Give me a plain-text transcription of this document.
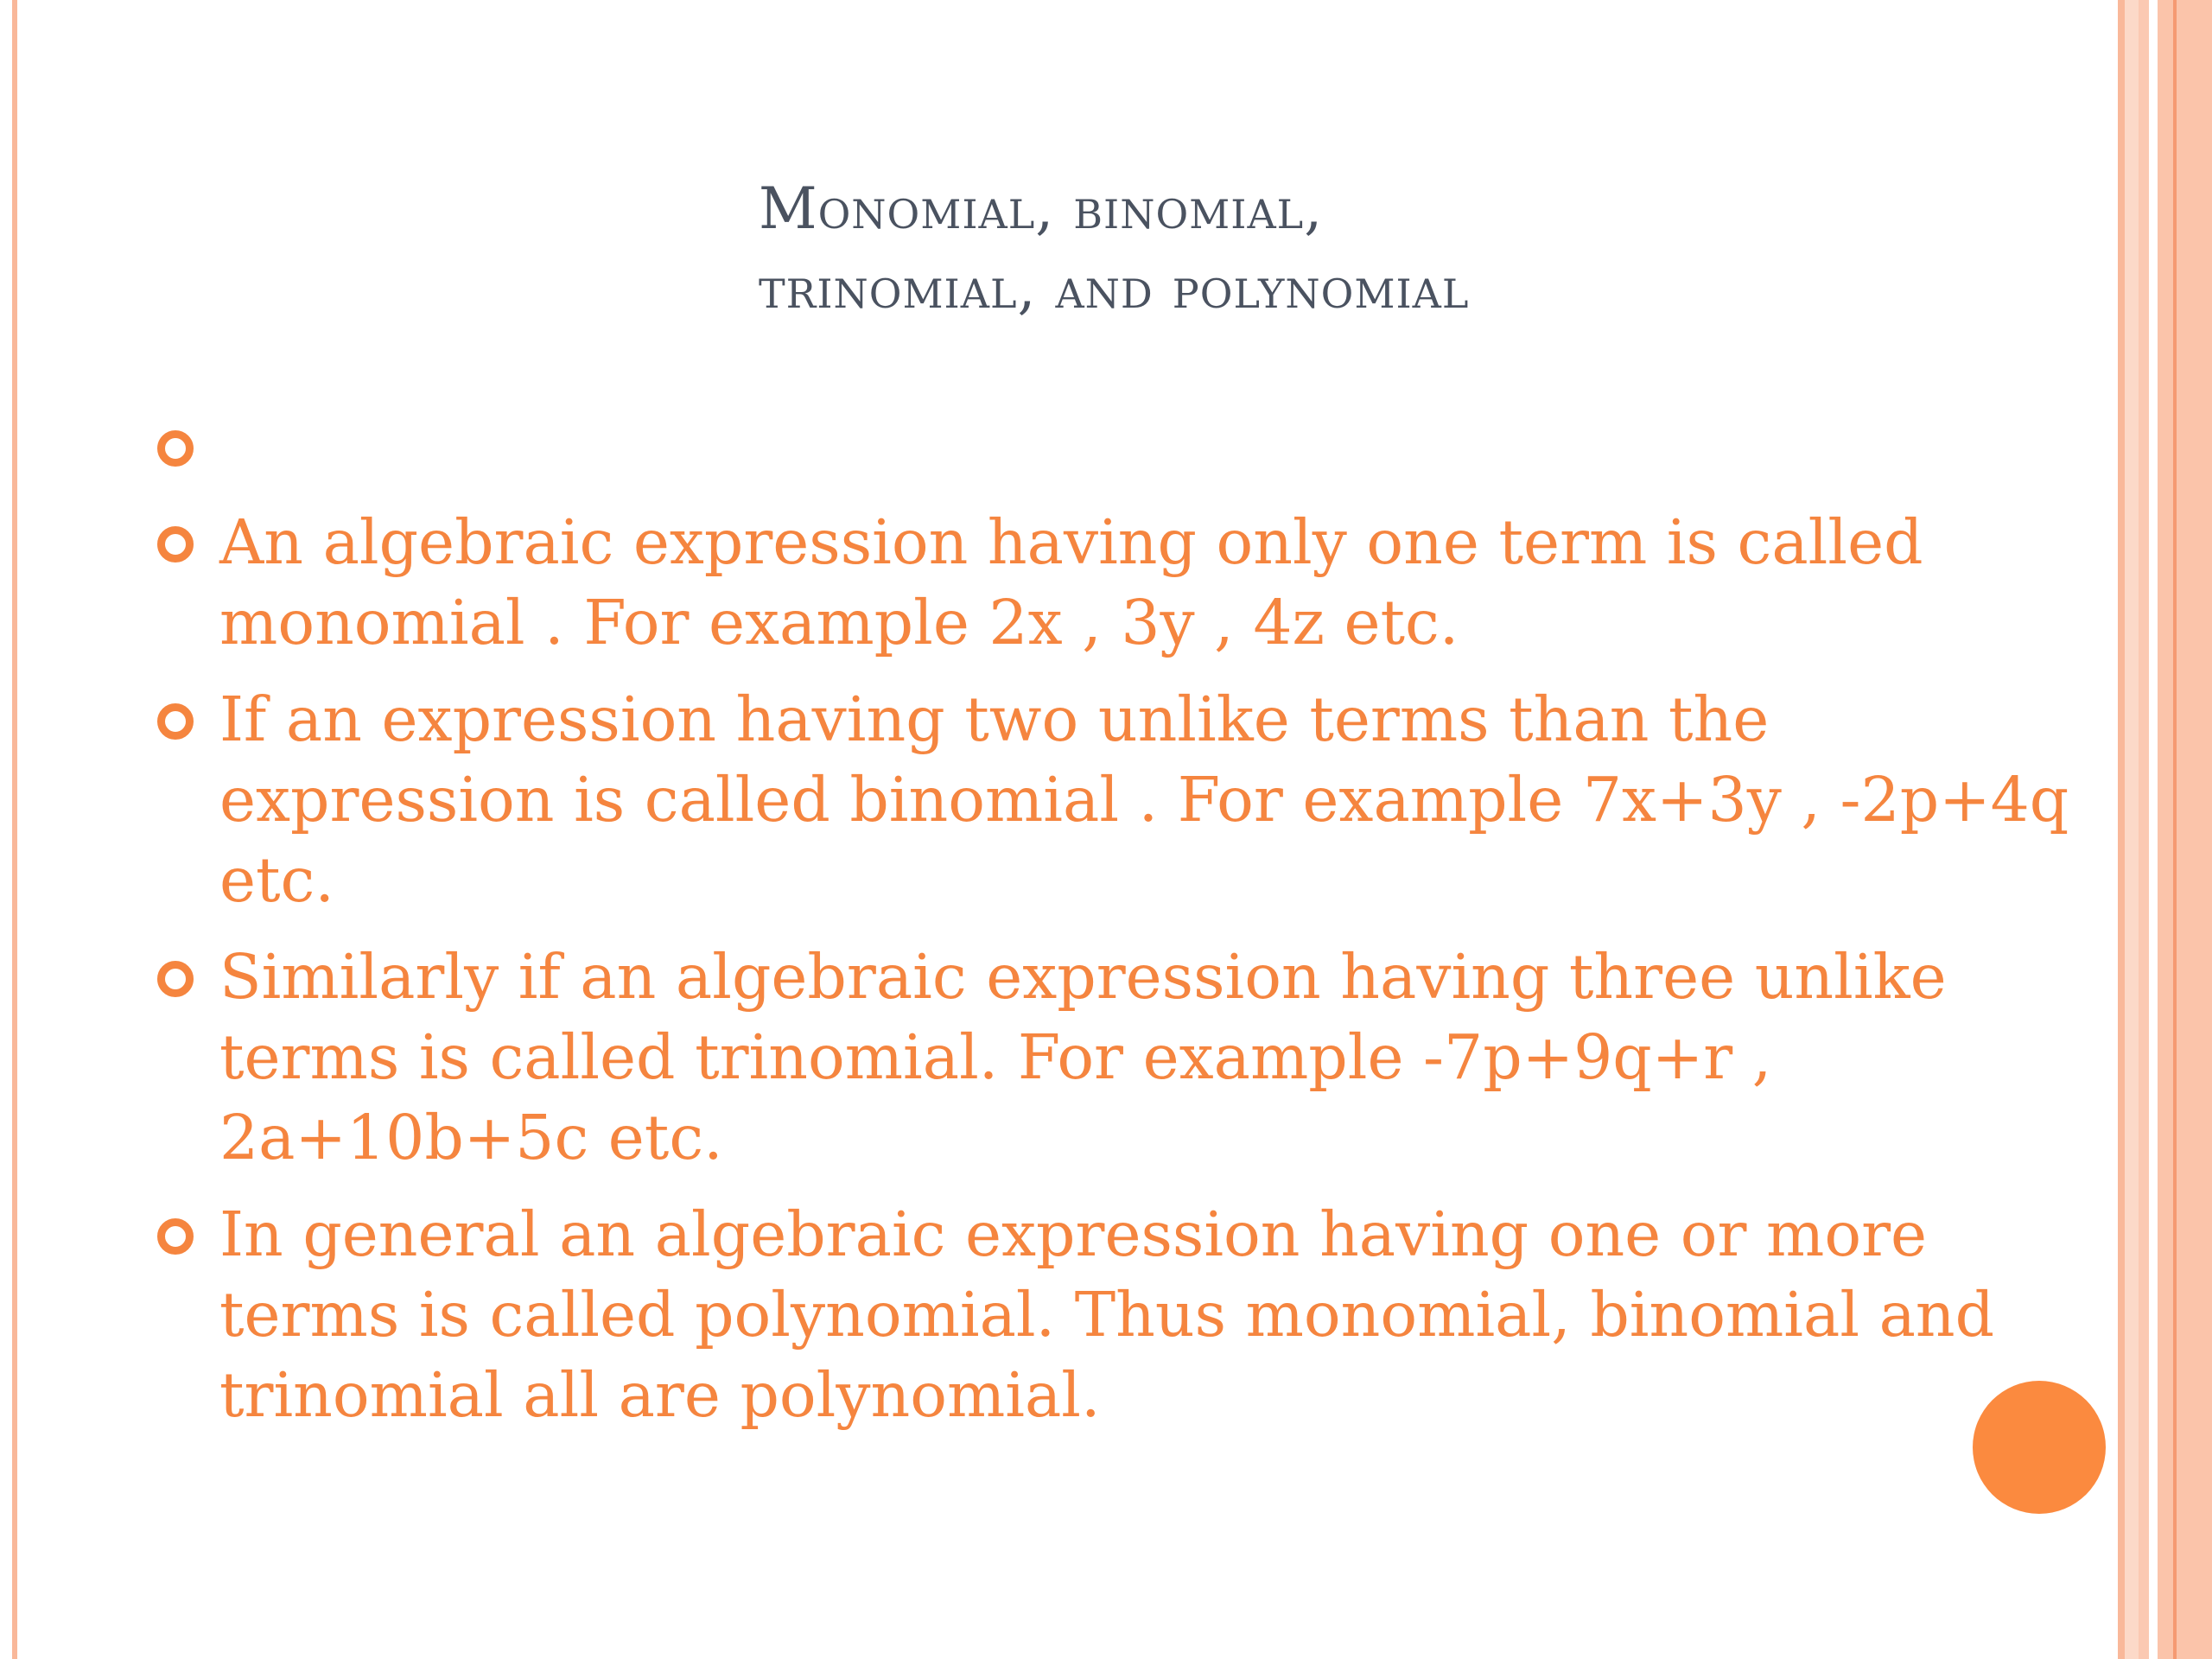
Monomial, binomial,
trinomial, and polynomial
An algebraic expression having only one term is called monomial . For example 2x , 3y , 4z etc.
If an expression having two unlike terms than the expression is called binomial . For example 7x+3y , -2p+4q etc.
Similarly if an algebraic expression having three unlike terms is called trinomial. For example -7p+9q+r , 2a+10b+5c etc.
In general an algebraic expression having one or more terms is called polynomial. Thus monomial, binomial and trinomial all are polynomial.
